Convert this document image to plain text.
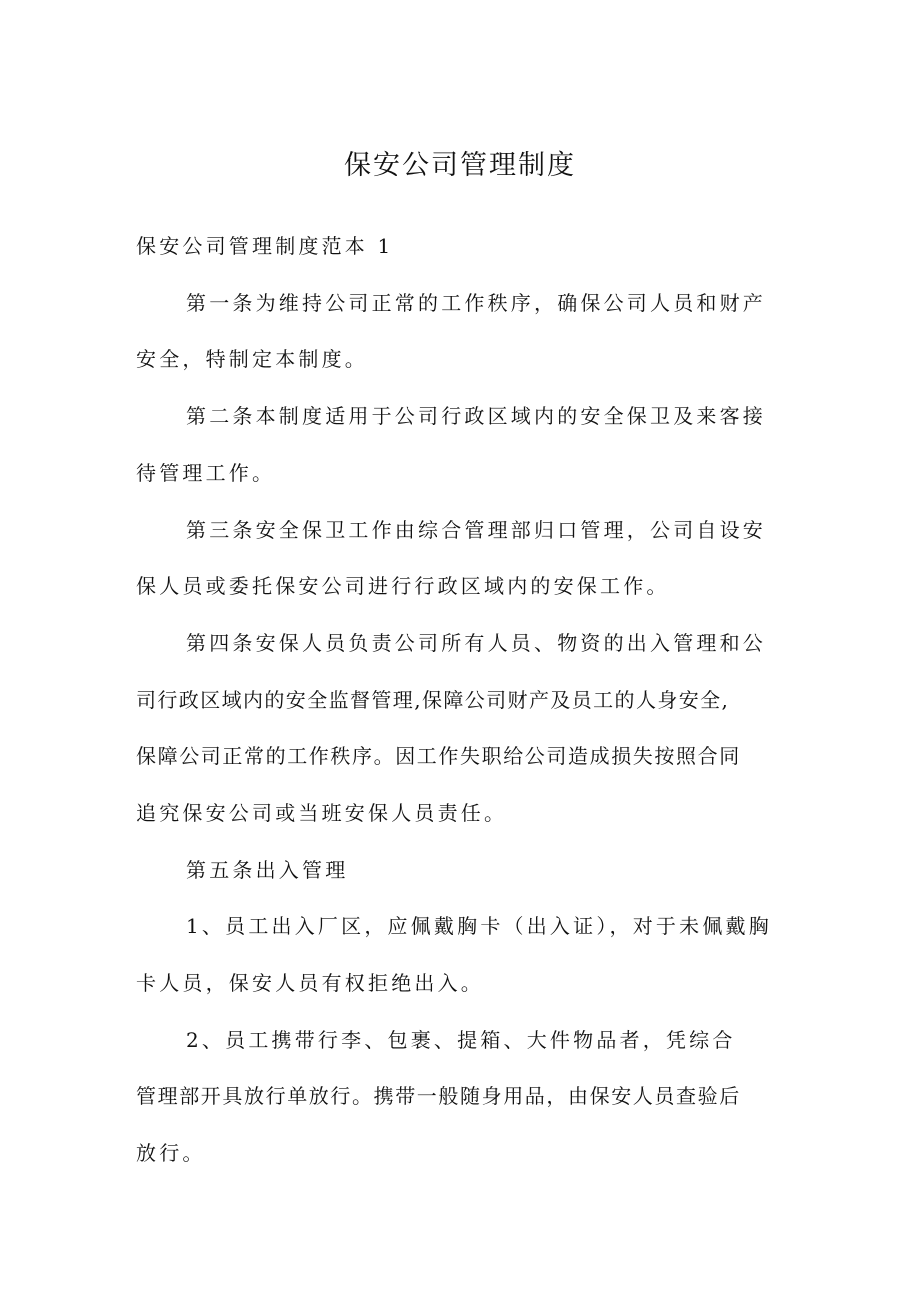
保安公司管理制度
保安公司管理制度范本 1
第一条为维持公司正常的工作秩序，确保公司人员和财产
安全，特制定本制度。
第二条本制度适用于公司行政区域内的安全保卫及来客接
待管理工作。
第三条安全保卫工作由综合管理部归口管理，公司自设安
保人员或委托保安公司进行行政区域内的安保工作。
第四条安保人员负责公司所有人员、物资的出入管理和公
司行政区域内的安全监督管理,保障公司财产及员工的人身安全,
保障公司正常的工作秩序。因工作失职给公司造成损失按照合同
追究保安公司或当班安保人员责任。
第五条出入管理
1、员工出入厂区，应佩戴胸卡（出入证），对于未佩戴胸
卡人员，保安人员有权拒绝出入。
2、员工携带行李、包裹、提箱、大件物品者，凭综合
管理部开具放行单放行。携带一般随身用品，由保安人员查验后
放行。
